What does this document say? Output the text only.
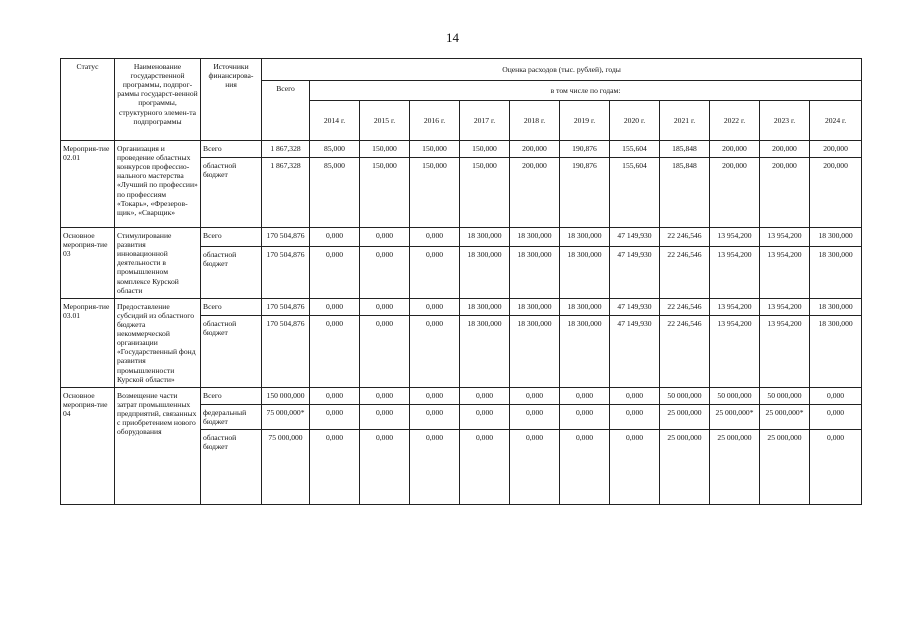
14
Статус	Наименование государственной программы, подпрог-раммы государст-венной программы, структурного элемен-та подпрограммы	Источники финансирова-ния	Оценка расходов (тыс. рублей), годы											
			Всего	в том числе по годам:										
				2014 г.	2015 г.	2016 г.	2017 г.	2018 г.	2019 г.	2020 г.	2021 г.	2022 г.	2023 г.	2024 г.
Мероприя-тие 02.01	Организация и проведение областных конкурсов профессио-нального мастерства «Лучший по профессии» по профессиям «Токарь», «Фрезеров-щик», «Сварщик»	Всего	1 867,328	85,000	150,000	150,000	150,000	200,000	190,876	155,604	185,848	200,000	200,000	200,000
		областной бюджет	1 867,328	85,000	150,000	150,000	150,000	200,000	190,876	155,604	185,848	200,000	200,000	200,000
Основное мероприя-тие 03	Стимулирование развития инновационной деятельности в промышленном комплексе Курской области	Всего	170 504,876	0,000	0,000	0,000	18 300,000	18 300,000	18 300,000	47 149,930	22 246,546	13 954,200	13 954,200	18 300,000
		областной бюджет	170 504,876	0,000	0,000	0,000	18 300,000	18 300,000	18 300,000	47 149,930	22 246,546	13 954,200	13 954,200	18 300,000
Мероприя-тие 03.01	Предоставление субсидий из областного бюджета некоммерческой организации «Государственный фонд развития промышленности Курской области»	Всего	170 504,876	0,000	0,000	0,000	18 300,000	18 300,000	18 300,000	47 149,930	22 246,546	13 954,200	13 954,200	18 300,000
		областной бюджет	170 504,876	0,000	0,000	0,000	18 300,000	18 300,000	18 300,000	47 149,930	22 246,546	13 954,200	13 954,200	18 300,000
Основное мероприя-тие 04	Возмещение части затрат промышленных предприятий, связанных с приобретением нового оборудования	Всего	150 000,000	0,000	0,000	0,000	0,000	0,000	0,000	0,000	50 000,000	50 000,000	50 000,000	0,000
		федеральный бюджет	75 000,000*	0,000	0,000	0,000	0,000	0,000	0,000	0,000	25 000,000	25 000,000*	25 000,000*	0,000
		областной бюджет	75 000,000	0,000	0,000	0,000	0,000	0,000	0,000	0,000	25 000,000	25 000,000	25 000,000	0,000
